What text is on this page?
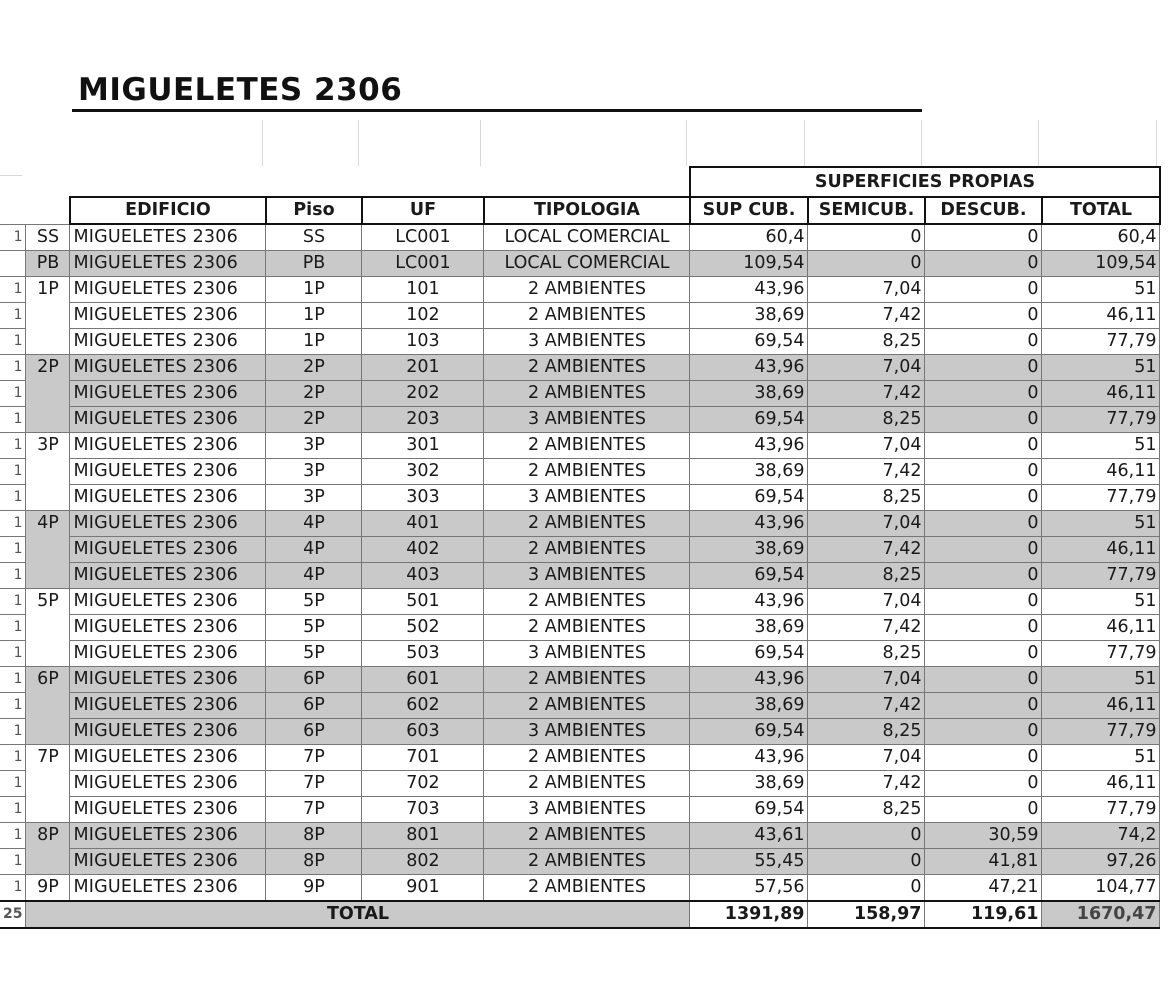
MIGUELETES 2306
						SUPERFICIES PROPIAS			
		EDIFICIO	Piso	UF	TIPOLOGIA	SUP CUB.	SEMICUB.	DESCUB.	TOTAL
1	SS	MIGUELETES 2306	SS	LC001	LOCAL COMERCIAL	60,4	0	0	60,4
	PB	MIGUELETES 2306	PB	LC001	LOCAL COMERCIAL	109,54	0	0	109,54
1	1P	MIGUELETES 2306	1P	101	2 AMBIENTES	43,96	7,04	0	51
1		MIGUELETES 2306	1P	102	2 AMBIENTES	38,69	7,42	0	46,11
1		MIGUELETES 2306	1P	103	3 AMBIENTES	69,54	8,25	0	77,79
1	2P	MIGUELETES 2306	2P	201	2 AMBIENTES	43,96	7,04	0	51
1		MIGUELETES 2306	2P	202	2 AMBIENTES	38,69	7,42	0	46,11
1		MIGUELETES 2306	2P	203	3 AMBIENTES	69,54	8,25	0	77,79
1	3P	MIGUELETES 2306	3P	301	2 AMBIENTES	43,96	7,04	0	51
1		MIGUELETES 2306	3P	302	2 AMBIENTES	38,69	7,42	0	46,11
1		MIGUELETES 2306	3P	303	3 AMBIENTES	69,54	8,25	0	77,79
1	4P	MIGUELETES 2306	4P	401	2 AMBIENTES	43,96	7,04	0	51
1		MIGUELETES 2306	4P	402	2 AMBIENTES	38,69	7,42	0	46,11
1		MIGUELETES 2306	4P	403	3 AMBIENTES	69,54	8,25	0	77,79
1	5P	MIGUELETES 2306	5P	501	2 AMBIENTES	43,96	7,04	0	51
1		MIGUELETES 2306	5P	502	2 AMBIENTES	38,69	7,42	0	46,11
1		MIGUELETES 2306	5P	503	3 AMBIENTES	69,54	8,25	0	77,79
1	6P	MIGUELETES 2306	6P	601	2 AMBIENTES	43,96	7,04	0	51
1		MIGUELETES 2306	6P	602	2 AMBIENTES	38,69	7,42	0	46,11
1		MIGUELETES 2306	6P	603	3 AMBIENTES	69,54	8,25	0	77,79
1	7P	MIGUELETES 2306	7P	701	2 AMBIENTES	43,96	7,04	0	51
1		MIGUELETES 2306	7P	702	2 AMBIENTES	38,69	7,42	0	46,11
1		MIGUELETES 2306	7P	703	3 AMBIENTES	69,54	8,25	0	77,79
1	8P	MIGUELETES 2306	8P	801	2 AMBIENTES	43,61	0	30,59	74,2
1		MIGUELETES 2306	8P	802	2 AMBIENTES	55,45	0	41,81	97,26
1	9P	MIGUELETES 2306	9P	901	2 AMBIENTES	57,56	0	47,21	104,77
25	TOTAL					1391,89	158,97	119,61	1670,47
